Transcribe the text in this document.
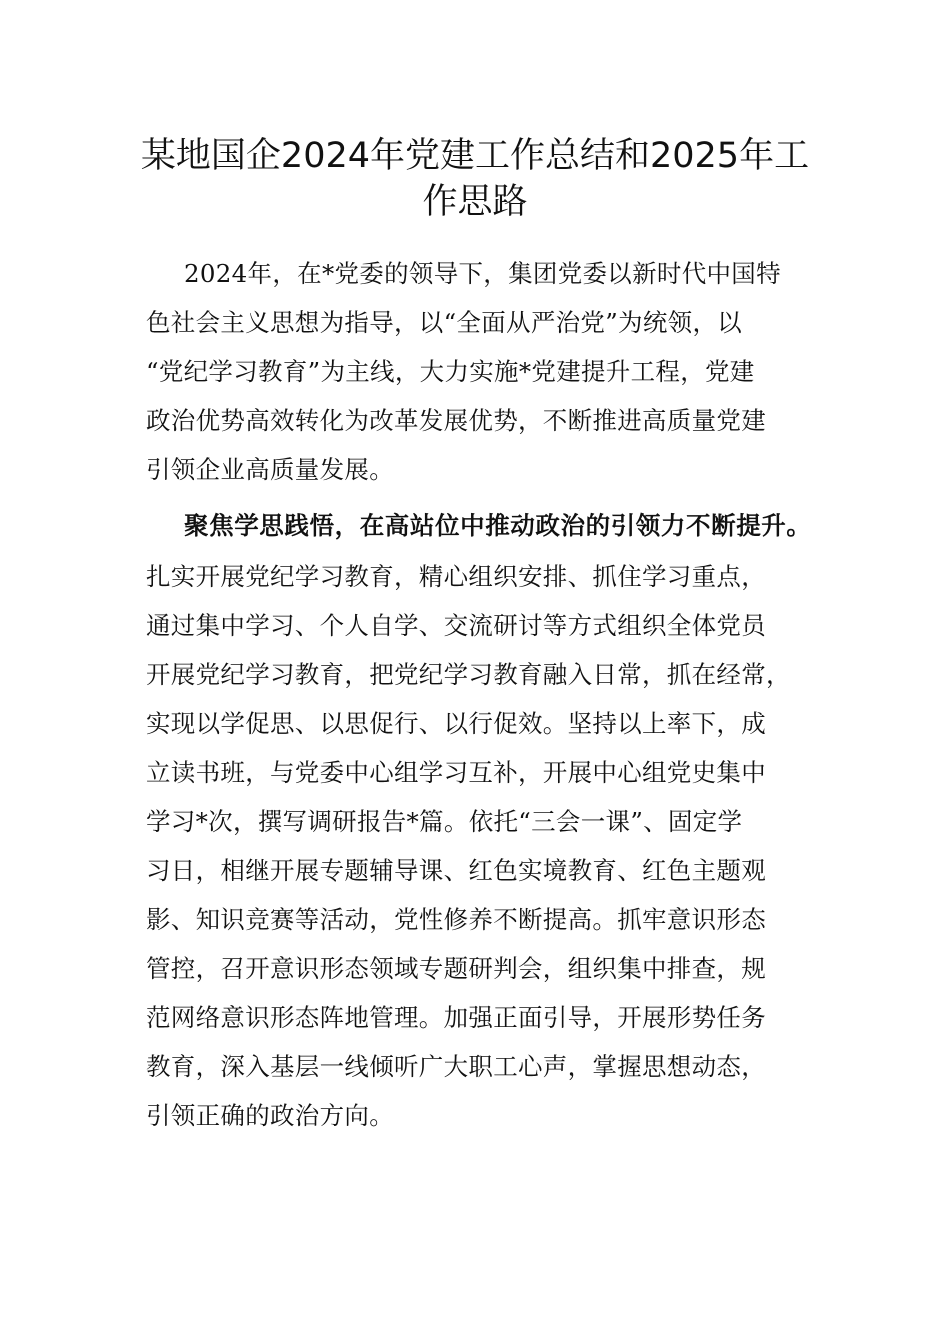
某地国企2024年党建工作总结和2025年工
作思路

2024年，在*党委的领导下，集团党委以新时代中国特

色社会主义思想为指导，以“全面从严治党”为统领，以

“党纪学习教育”为主线，大力实施*党建提升工程，党建

政治优势高效转化为改革发展优势，不断推进高质量党建

引领企业高质量发展。

聚焦学思践悟，在高站位中推动政治的引领力不断提升。

扎实开展党纪学习教育，精心组织安排、抓住学习重点，

通过集中学习、个人自学、交流研讨等方式组织全体党员

开展党纪学习教育，把党纪学习教育融入日常，抓在经常，

实现以学促思、以思促行、以行促效。坚持以上率下，成

立读书班，与党委中心组学习互补，开展中心组党史集中

学习*次，撰写调研报告*篇。依托“三会一课”、固定学

习日，相继开展专题辅导课、红色实境教育、红色主题观

影、知识竞赛等活动，党性修养不断提高。抓牢意识形态

管控，召开意识形态领域专题研判会，组织集中排查，规

范网络意识形态阵地管理。加强正面引导，开展形势任务

教育，深入基层一线倾听广大职工心声，掌握思想动态，

引领正确的政治方向。
